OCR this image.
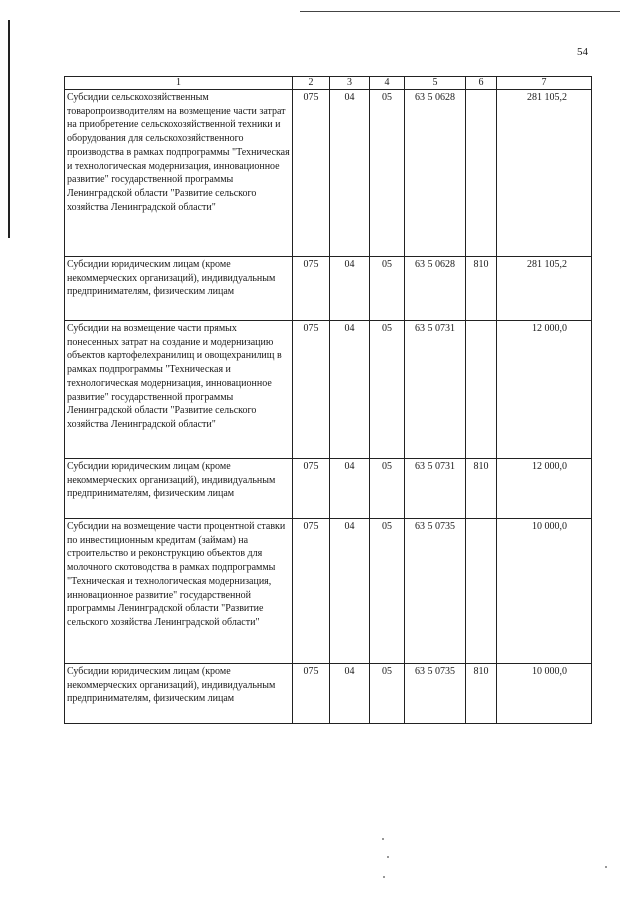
54
1	2	3	4	5	6	7
Субсидии сельскохозяйственным товаропроизводителям на возмещение части затрат на приобретение сельскохозяйственной техники и оборудования для сельскохозяйственного производства в рамках подпрограммы "Техническая и технологическая модернизация, инновационное развитие" государственной программы Ленинградской области "Развитие сельского хозяйства Ленинградской области"	075	04	05	63 5 0628		281 105,2
Субсидии юридическим лицам (кроме некоммерческих организаций), индивидуальным предпринимателям, физическим лицам	075	04	05	63 5 0628	810	281 105,2
Субсидии на возмещение части прямых понесенных затрат на создание и модернизацию объектов картофелехранилищ и овощехранилищ в рамках подпрограммы "Техническая и технологическая модернизация, инновационное развитие" государственной программы Ленинградской области "Развитие сельского хозяйства Ленинградской области"	075	04	05	63 5 0731		12 000,0
Субсидии юридическим лицам (кроме некоммерческих организаций), индивидуальным предпринимателям, физическим лицам	075	04	05	63 5 0731	810	12 000,0
Субсидии на возмещение части процентной ставки по инвестиционным кредитам (займам) на строительство и реконструкцию объектов для молочного скотоводства в рамках подпрограммы "Техническая и технологическая модернизация, инновационное развитие" государственной программы Ленинградской области "Развитие сельского хозяйства Ленинградской области"	075	04	05	63 5 0735		10 000,0
Субсидии юридическим лицам (кроме некоммерческих организаций), индивидуальным предпринимателям, физическим лицам	075	04	05	63 5 0735	810	10 000,0
